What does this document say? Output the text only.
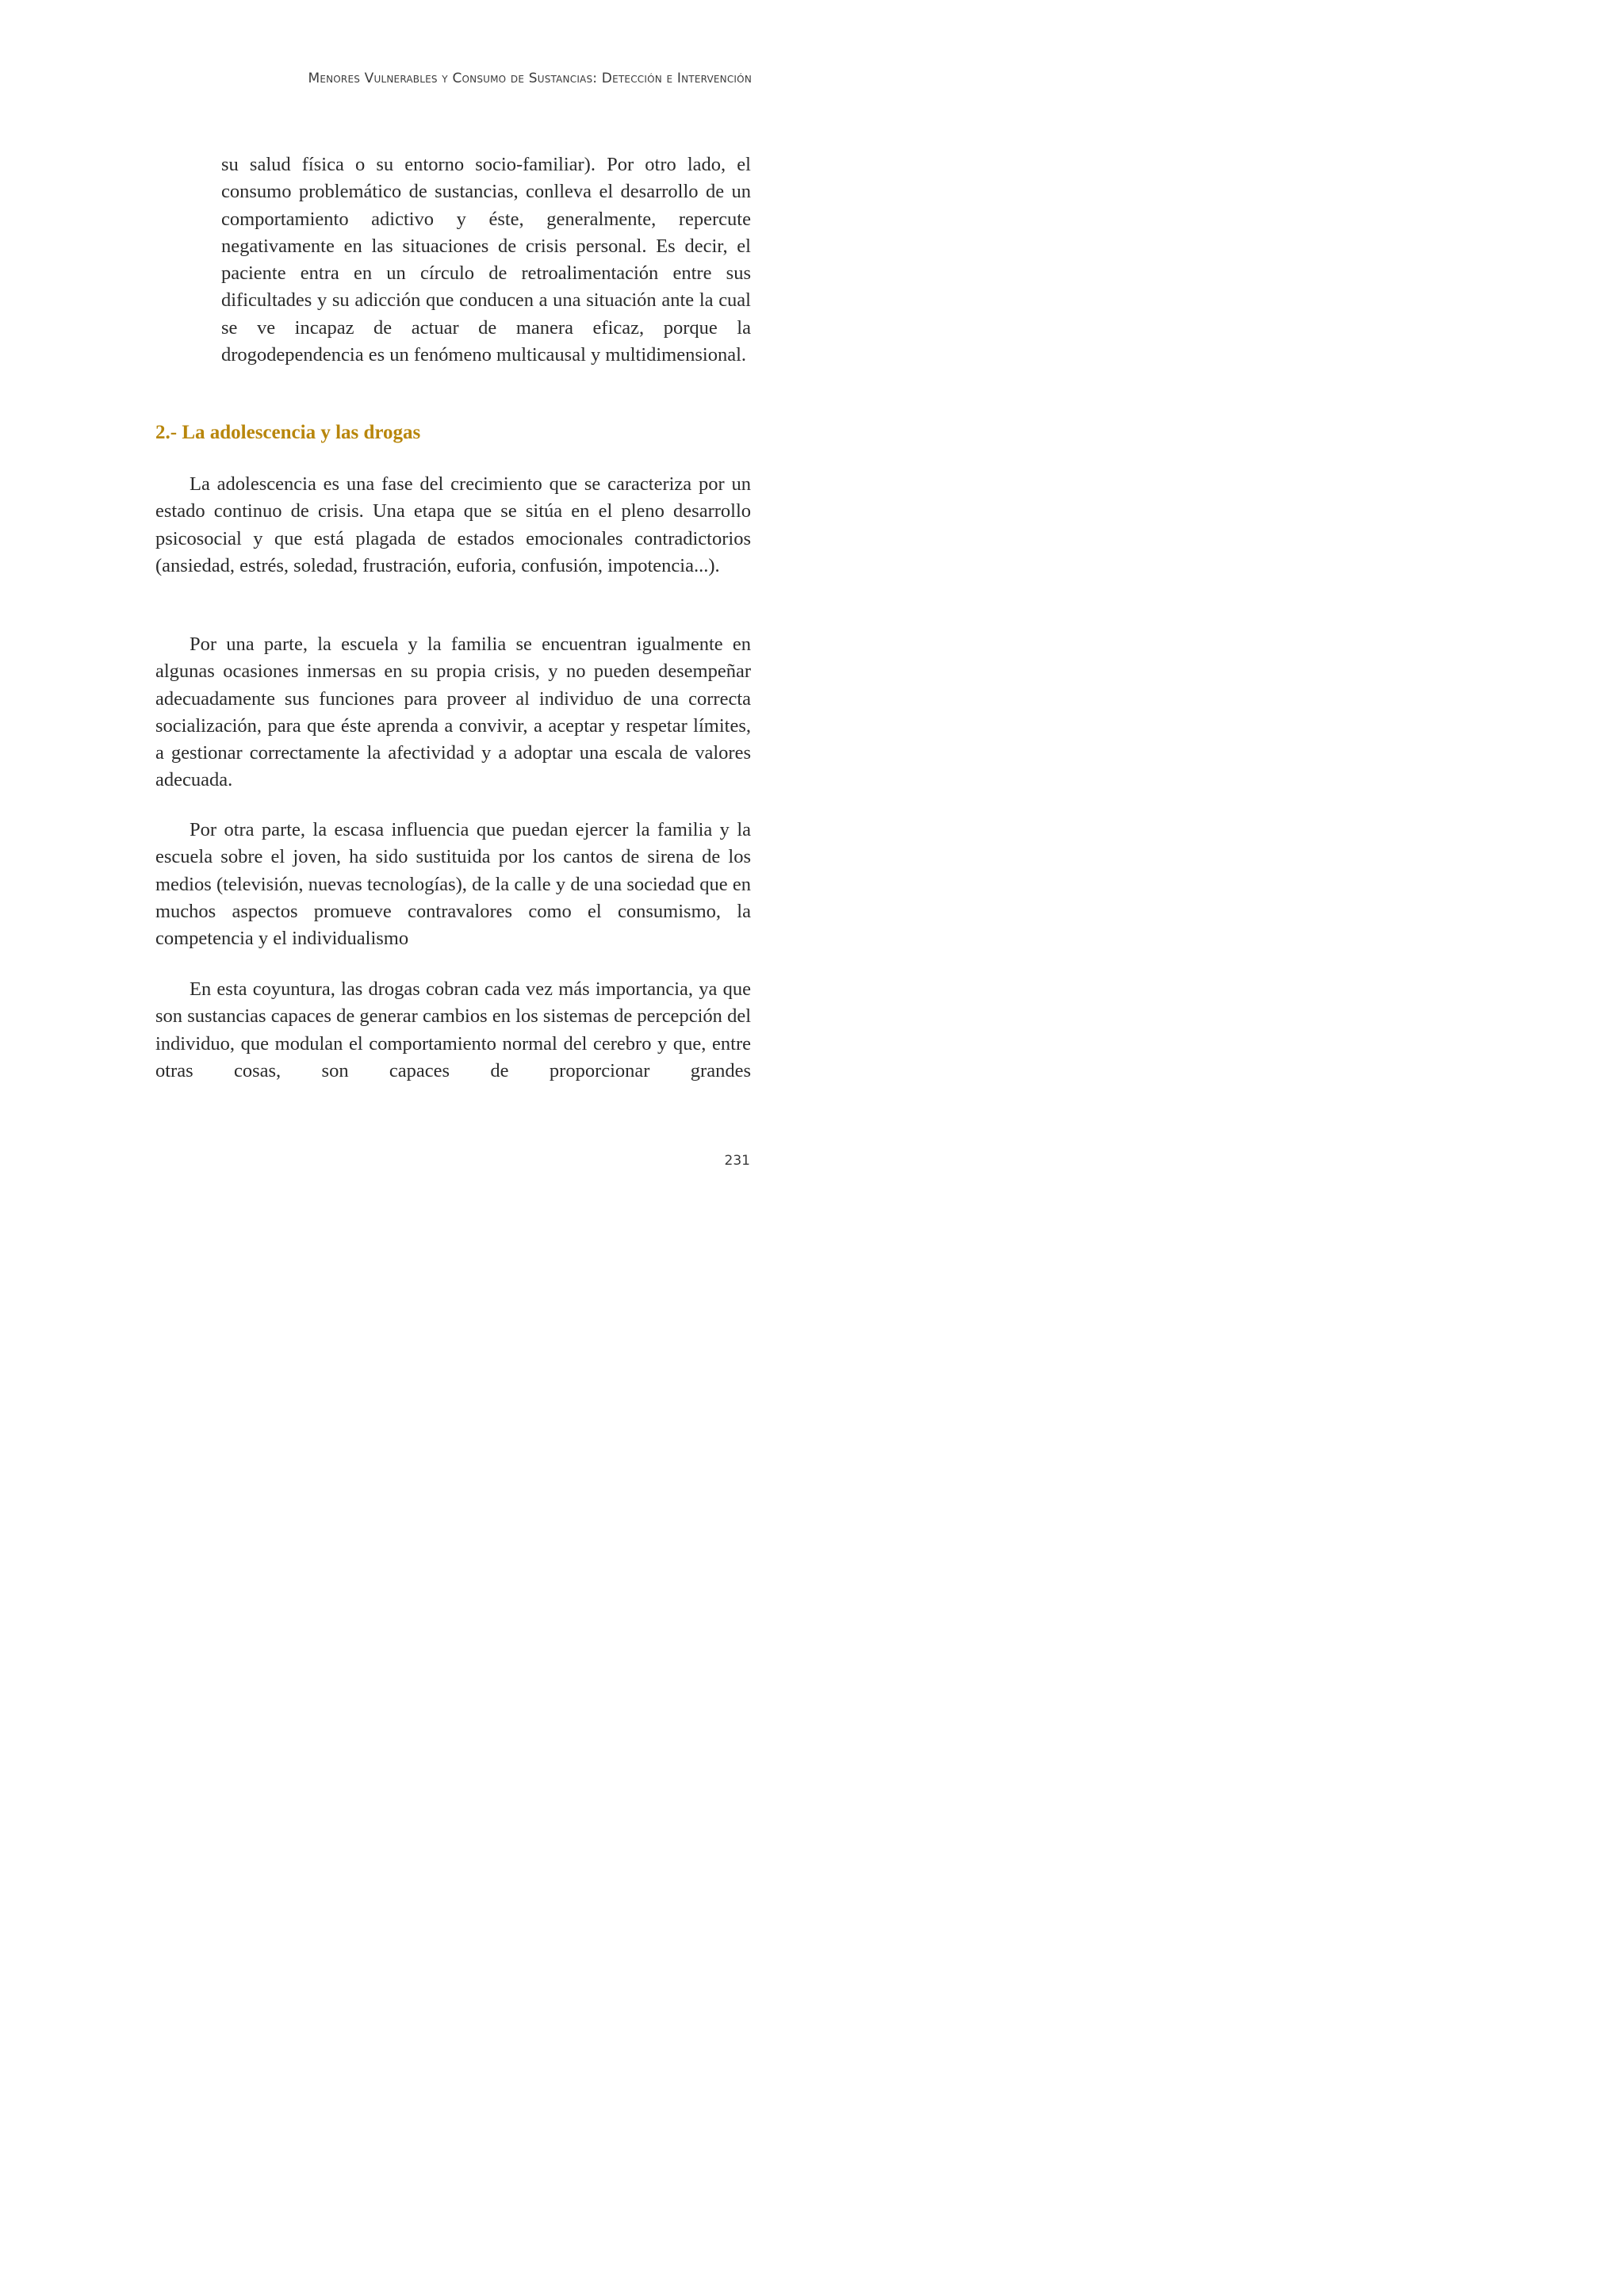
Menores Vulnerables y Consumo de Sustancias: Detección e Intervención

su salud física o su entorno socio-familiar). Por otro lado, el consumo problemático de sustancias, conlleva el desarrollo de un comportamiento adictivo y éste, generalmente, repercute negativamente en las situaciones de crisis personal. Es decir, el paciente entra en un círculo de retroalimentación entre sus dificultades y su adicción que conducen a una situación ante la cual se ve incapaz de actuar de manera eficaz, porque la drogodependencia es un fenómeno multicausal y multidimensional.

2.- La adolescencia y las drogas

La adolescencia es una fase del crecimiento que se caracteriza por un estado continuo de crisis. Una etapa que se sitúa en el pleno desarrollo psicosocial y que está plagada de estados emocionales contradictorios (ansiedad, estrés, soledad, frustración, euforia, confusión, impotencia...).

Por una parte, la escuela y la familia se encuentran igualmente en algunas ocasiones inmersas en su propia crisis, y no pueden desempeñar adecuadamente sus funciones para proveer al individuo de una correcta socialización, para que éste aprenda a convivir, a aceptar y respetar límites, a gestionar correctamente la afectividad y a adoptar una escala de valores adecuada.

Por otra parte, la escasa influencia que puedan ejercer la familia y la escuela sobre el joven, ha sido sustituida por los cantos de sirena de los medios (televisión, nuevas tecnologías), de la calle y de una sociedad que en muchos aspectos promueve contravalores como el consumismo, la competencia y el individualismo

En esta coyuntura, las drogas cobran cada vez más importancia, ya que son sustancias capaces de generar cambios en los sistemas de percepción del individuo, que modulan el comportamiento normal del cerebro y que, entre otras cosas, son capaces de proporcionar grandes

231
